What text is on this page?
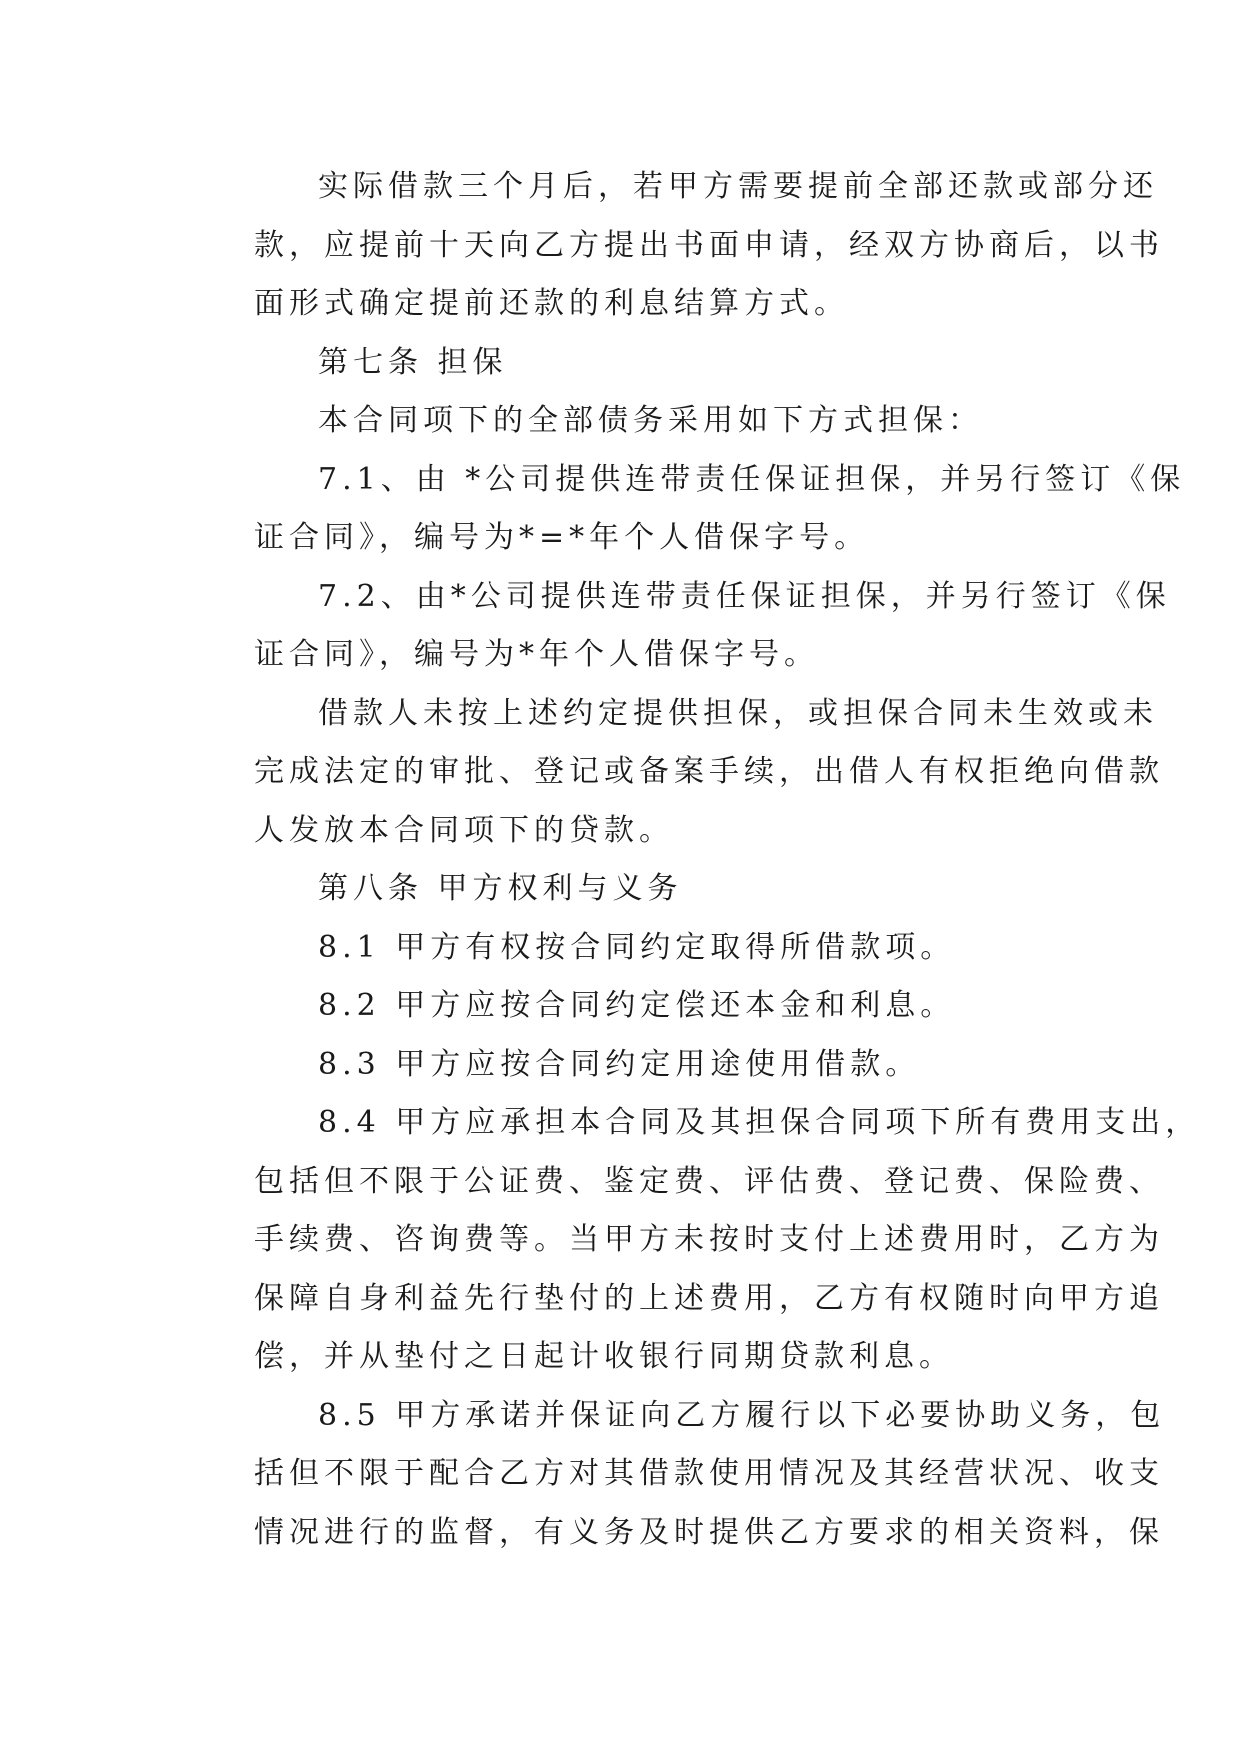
实际借款三个月后，若甲方需要提前全部还款或部分还
款，应提前十天向乙方提出书面申请，经双方协商后，以书
面形式确定提前还款的利息结算方式。
第七条 担保
本合同项下的全部债务采用如下方式担保：
7.1、由 *公司提供连带责任保证担保，并另行签订《保
证合同》，编号为*=*年个人借保字号。
7.2、由*公司提供连带责任保证担保，并另行签订《保
证合同》，编号为*年个人借保字号。
借款人未按上述约定提供担保，或担保合同未生效或未
完成法定的审批、登记或备案手续，出借人有权拒绝向借款
人发放本合同项下的贷款。
第八条 甲方权利与义务
8.1 甲方有权按合同约定取得所借款项。
8.2 甲方应按合同约定偿还本金和利息。
8.3 甲方应按合同约定用途使用借款。
8.4 甲方应承担本合同及其担保合同项下所有费用支出，
包括但不限于公证费、鉴定费、评估费、登记费、保险费、
手续费、咨询费等。当甲方未按时支付上述费用时，乙方为
保障自身利益先行垫付的上述费用，乙方有权随时向甲方追
偿，并从垫付之日起计收银行同期贷款利息。
8.5 甲方承诺并保证向乙方履行以下必要协助义务，包
括但不限于配合乙方对其借款使用情况及其经营状况、收支
情况进行的监督，有义务及时提供乙方要求的相关资料，保
